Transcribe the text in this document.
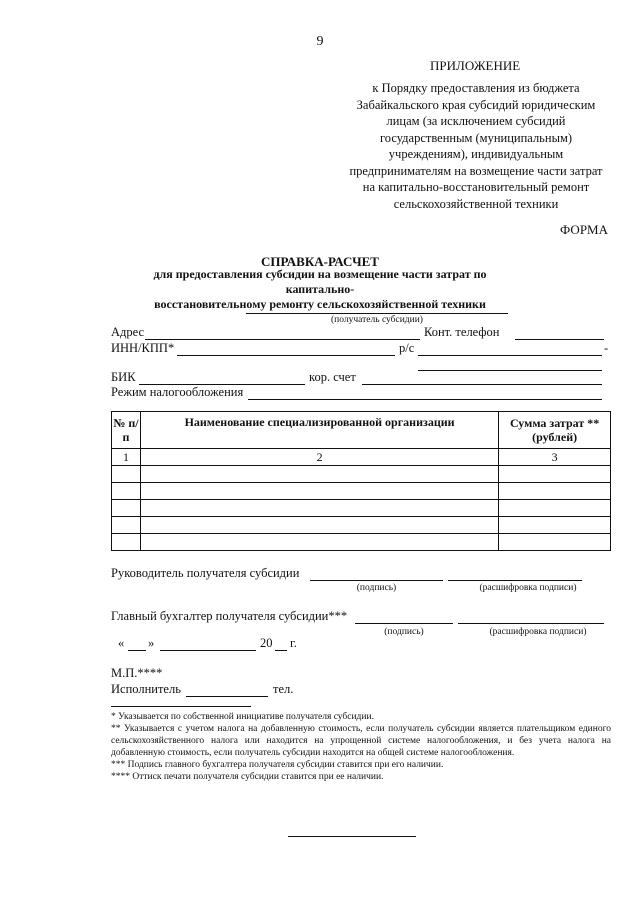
9
ПРИЛОЖЕНИЕ
к Порядку предоставления из бюджета
Забайкальского края субсидий юридическим
лицам (за исключением субсидий
государственным (муниципальным)
учреждениям), индивидуальным
предпринимателям на возмещение части затрат
на капитально-восстановительный ремонт
сельскохозяйственной техники
ФОРМА
СПРАВКА-РАСЧЕТ
для предоставления субсидии на возмещение части затрат по капитально-
восстановительному ремонту сельскохозяйственной техники
(получатель субсидии)
Адрес	Конт. телефон
ИНН/КПП*	р/с	-
БИК	кор. счет
Режим налогообложения
№ п/п	Наименование специализированной организации	Сумма затрат ** (рублей)
1	2	3

Руководитель получателя субсидии
(подпись)	(расшифровка подписи)
Главный бухгалтер получателя субсидии***
(подпись)	(расшифровка подписи)
« »	20 г.
М.П.****
Исполнитель	тел.

* Указывается по собственной инициативе получателя субсидии.

** Указывается с учетом налога на добавленную стоимость, если получатель субсидии является плательщиком единого сельскохозяйственного налога или находится на упрощенной системе налогообложения, и без учета налога на добавленную стоимость, если получатель субсидии находится на общей системе налогообложения.

*** Подпись главного бухгалтера получателя субсидии ставится при его наличии.

**** Оттиск печати получателя субсидии ставится при ее наличии.
